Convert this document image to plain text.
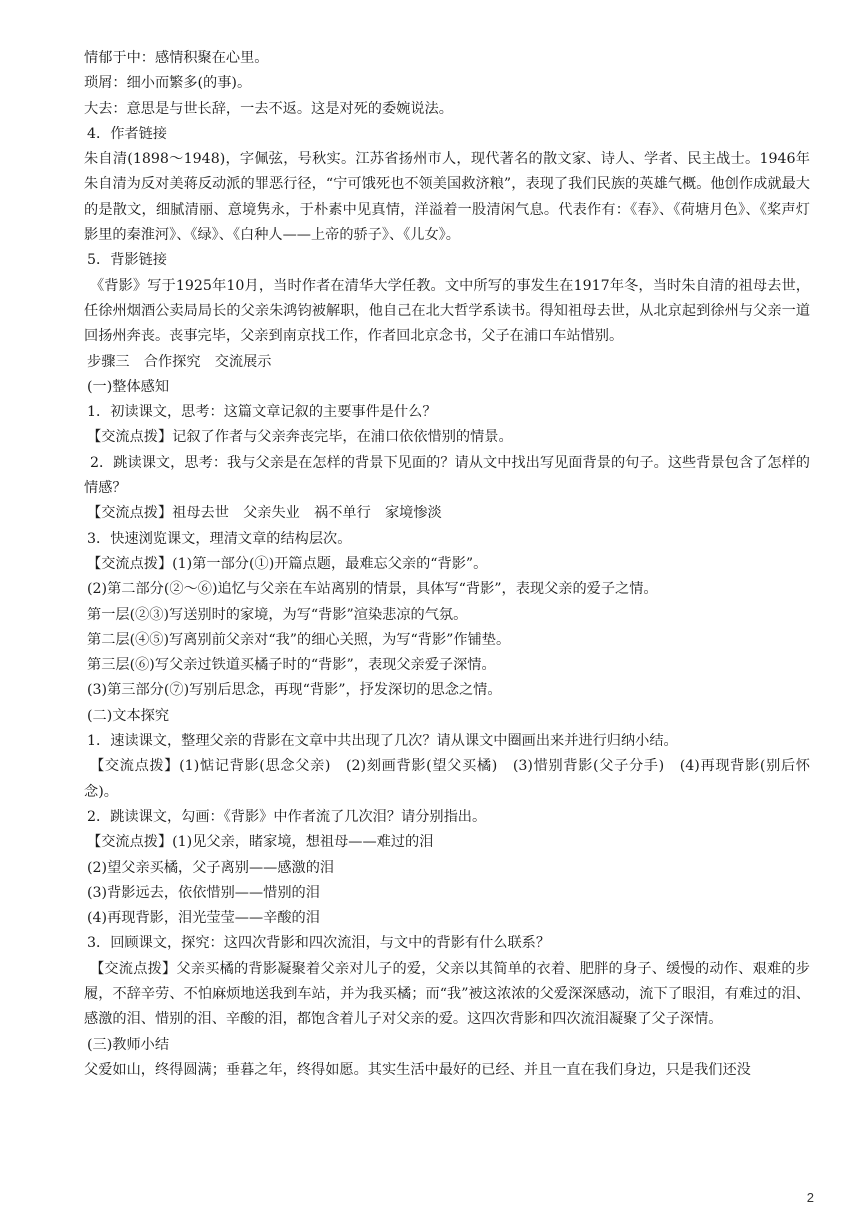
情郁于中：感情积聚在心里。

琐屑：细小而繁多(的事)。

大去：意思是与世长辞，一去不返。这是对死的委婉说法。

4．作者链接

朱自清(1898～1948)，字佩弦，号秋实。江苏省扬州市人，现代著名的散文家、诗人、学者、民主战士。1946年朱自清为反对美蒋反动派的罪恶行径，“宁可饿死也不领美国救济粮”，表现了我们民族的英雄气概。他创作成就最大的是散文，细腻清丽、意境隽永，于朴素中见真情，洋溢着一股清闲气息。代表作有：《春》、《荷塘月色》、《桨声灯影里的秦淮河》、《绿》、《白种人——上帝的骄子》、《儿女》。

5．背影链接

《背影》写于1925年10月，当时作者在清华大学任教。文中所写的事发生在1917年冬，当时朱自清的祖母去世，任徐州烟酒公卖局局长的父亲朱鸿钧被解职，他自己在北大哲学系读书。得知祖母去世，从北京起到徐州与父亲一道回扬州奔丧。丧事完毕，父亲到南京找工作，作者回北京念书，父子在浦口车站惜别。

步骤三　合作探究　交流展示

(一)整体感知

1．初读课文，思考：这篇文章记叙的主要事件是什么？

【交流点拨】记叙了作者与父亲奔丧完毕，在浦口依依惜别的情景。

2．跳读课文，思考：我与父亲是在怎样的背景下见面的？请从文中找出写见面背景的句子。这些背景包含了怎样的情感？

【交流点拨】祖母去世　父亲失业　祸不单行　家境惨淡

3．快速浏览课文，理清文章的结构层次。

【交流点拨】(1)第一部分(①)开篇点题，最难忘父亲的“背影”。

(2)第二部分(②～⑥)追忆与父亲在车站离别的情景，具体写“背影”，表现父亲的爱子之情。

第一层(②③)写送别时的家境，为写“背影”渲染悲凉的气氛。

第二层(④⑤)写离别前父亲对“我”的细心关照，为写“背影”作铺垫。

第三层(⑥)写父亲过铁道买橘子时的“背影”，表现父亲爱子深情。

(3)第三部分(⑦)写别后思念，再现“背影”，抒发深切的思念之情。

(二)文本探究

1．速读课文，整理父亲的背影在文章中共出现了几次？请从课文中圈画出来并进行归纳小结。

【交流点拨】(1)惦记背影(思念父亲)　(2)刻画背影(望父买橘)　(3)惜别背影(父子分手)　(4)再现背影(别后怀念)。

2．跳读课文，勾画：《背影》中作者流了几次泪？请分别指出。

【交流点拨】(1)见父亲，睹家境，想祖母——难过的泪

(2)望父亲买橘，父子离别——感激的泪

(3)背影远去，依依惜别——惜别的泪

(4)再现背影，泪光莹莹——辛酸的泪

3．回顾课文，探究：这四次背影和四次流泪，与文中的背影有什么联系？

【交流点拨】父亲买橘的背影凝聚着父亲对儿子的爱，父亲以其简单的衣着、肥胖的身子、缓慢的动作、艰难的步履，不辞辛劳、不怕麻烦地送我到车站，并为我买橘；而“我”被这浓浓的父爱深深感动，流下了眼泪，有难过的泪、感激的泪、惜别的泪、辛酸的泪，都饱含着儿子对父亲的爱。这四次背影和四次流泪凝聚了父子深情。

(三)教师小结

父爱如山，终得圆满；垂暮之年，终得如愿。其实生活中最好的已经、并且一直在我们身边，只是我们还没

2
